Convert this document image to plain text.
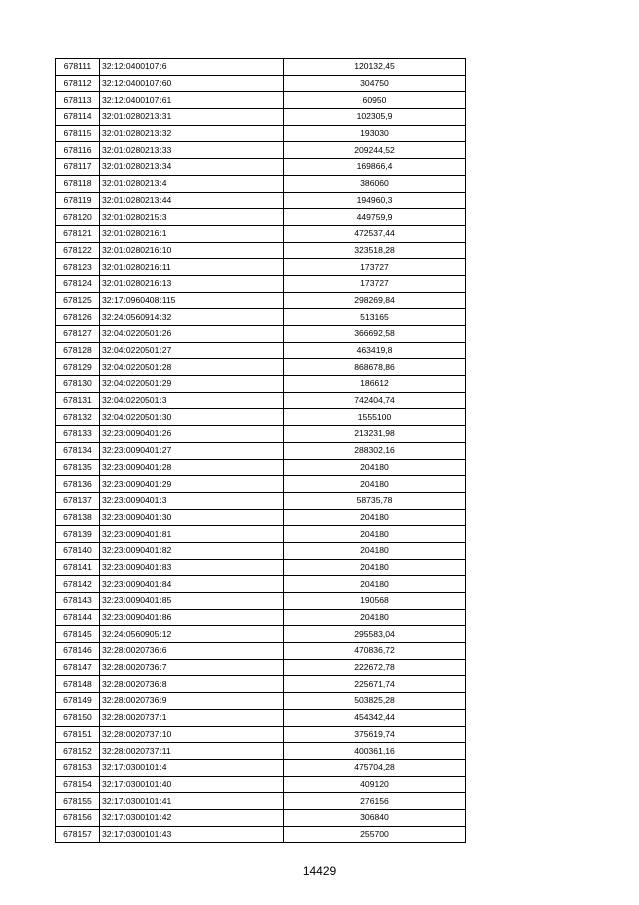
678111	32:12:0400107:6	120132,45
678112	32:12:0400107:60	304750
678113	32:12:0400107:61	60950
678114	32:01:0280213:31	102305,9
678115	32:01:0280213:32	193030
678116	32:01:0280213:33	209244,52
678117	32:01:0280213:34	169866,4
678118	32:01:0280213:4	386060
678119	32:01:0280213:44	194960,3
678120	32:01:0280215:3	449759,9
678121	32:01:0280216:1	472537,44
678122	32:01:0280216:10	323518,28
678123	32:01:0280216:11	173727
678124	32:01:0280216:13	173727
678125	32:17:0960408:115	298269,84
678126	32:24:0560914:32	513165
678127	32:04:0220501:26	366692,58
678128	32:04:0220501:27	463419,8
678129	32:04:0220501:28	868678,86
678130	32:04:0220501:29	186612
678131	32:04:0220501:3	742404,74
678132	32:04:0220501:30	1555100
678133	32:23:0090401:26	213231,98
678134	32:23:0090401:27	288302,16
678135	32:23:0090401:28	204180
678136	32:23:0090401:29	204180
678137	32:23:0090401:3	58735,78
678138	32:23:0090401:30	204180
678139	32:23:0090401:81	204180
678140	32:23:0090401:82	204180
678141	32:23:0090401:83	204180
678142	32:23:0090401:84	204180
678143	32:23:0090401:85	190568
678144	32:23:0090401:86	204180
678145	32:24:0560905:12	295583,04
678146	32:28:0020736:6	470836,72
678147	32:28:0020736:7	222672,78
678148	32:28:0020736:8	225671,74
678149	32:28:0020736:9	503825,28
678150	32:28:0020737:1	454342,44
678151	32:28:0020737:10	375619,74
678152	32:28:0020737:11	400361,16
678153	32:17:0300101:4	475704,28
678154	32:17:0300101:40	409120
678155	32:17:0300101:41	276156
678156	32:17:0300101:42	306840
678157	32:17:0300101:43	255700
14429
